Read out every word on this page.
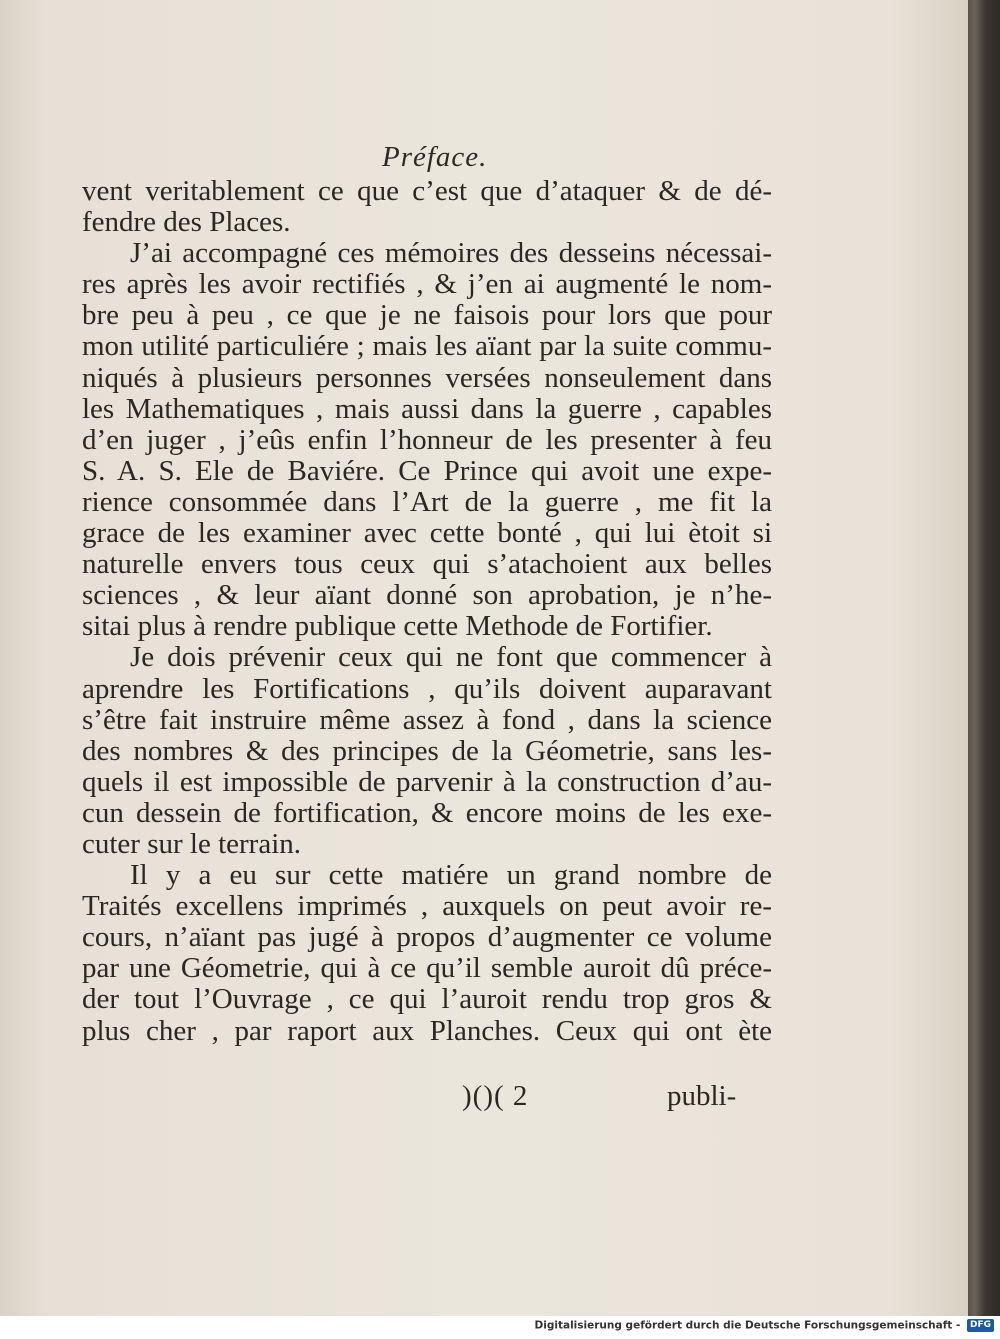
Préface.

vent veritablement ce que c’est que d’ataquer & de dé-
fendre des Places.

J’ai accompagné ces mémoires des desseins nécessai-
res après les avoir rectifiés , & j’en ai augmenté le nom-
bre peu à peu , ce que je ne faisois pour lors que pour
mon utilité particuliére ; mais les aïant par la suite commu-
niqués à plusieurs personnes versées nonseulement dans
les Mathematiques , mais aussi dans la guerre , capables
d’en juger , j’eûs enfin l’honneur de les presenter à feu
S. A. S. Ele de Baviére. Ce Prince qui avoit une expe-
rience consommée dans l’Art de la guerre , me fit la
grace de les examiner avec cette bonté , qui lui ètoit si
naturelle envers tous ceux qui s’atachoient aux belles
sciences , & leur aïant donné son aprobation, je n’he-
sitai plus à rendre publique cette Methode de Fortifier.

Je dois prévenir ceux qui ne font que commencer à
aprendre les Fortifications , qu’ils doivent auparavant
s’être fait instruire même assez à fond , dans la science
des nombres & des principes de la Géometrie, sans les-
quels il est impossible de parvenir à la construction d’au-
cun dessein de fortification, & encore moins de les exe-
cuter sur le terrain.

Il y a eu sur cette matiére un grand nombre de
Traités excellens imprimés , auxquels on peut avoir re-
cours, n’aïant pas jugé à propos d’augmenter ce volume
par une Géometrie, qui à ce qu’il semble auroit dû préce-
der tout l’Ouvrage , ce qui l’auroit rendu trop gros &
plus cher , par raport aux Planches. Ceux qui ont ète

)()( 2	publi-
Digitalisierung gefördert durch die Deutsche Forschungsgemeinschaft - DFG
